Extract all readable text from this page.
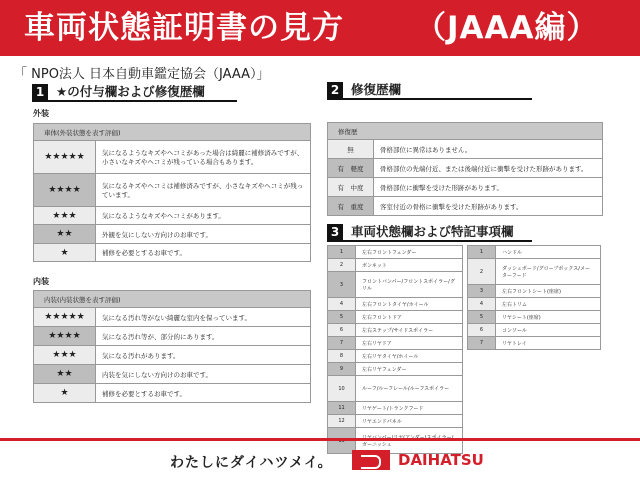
車両状態証明書の見方 （JAAA編）
「 NPO法人 日本自動車鑑定協会（JAAA）」
1 ★の付与欄および修復歴欄
外装
車体(外装状態を表す評価)	
★★★★★	気になるようなキズやヘコミがあった場合は綺麗に補修済みですが、小さいなキズやヘコミが残っている場合もあります。
★★★★	気になるキズやヘコミは補修済みですが、小さなキズやヘコミが残っています。
★★★	気になるようなキズやヘコミがあります。
★★	外観を気にしない方向けのお車です。
★	補修を必要とするお車です。
内装
内装(内装状態を表す評価)	
★★★★★	気になる汚れ等がない綺麗な室内を保っています。
★★★★	気になる汚れ等が、部分的にあります。
★★★	気になる汚れがあります。
★★	内装を気にしない方向けのお車です。
★	補修を必要とするお車です。
2 修復歴欄
修復歴	
無	骨格部位に異常はありません。
有　軽度	骨格部位の先端付近、または後端付近に衝撃を受けた形跡があります。
有　中度	骨格部位に衝撃を受けた形跡があります。
有　重度	客室付近の骨格に衝撃を受けた形跡があります。
3 車両状態欄および特記事項欄
1	左右フロントフェンダー
2	ボンネット
3	フロントバンパー/フロントスポイラー/グリル
4	左右フロントタイヤ/ホイール
5	左右フロントドア
6	左右ステップ/サイドスポイラー
7	左右リヤドア
8	左右リヤタイヤ/ホイール
9	左右リヤフェンダー
10	ルーフ/ルーフレール/ルーフスポイラー
11	リヤゲート/トランクフード
12	リヤエンドパネル
	ガーニッシュ
1	ハンドル
2	ダッシュボード/グローブボックス/メーターフード
3	左右フロントシート(座席)
4	左右トリム
5	リヤシート(座席)
6	コンソール
7	リヤトレイ
わたしにダイハツメイ。	DAIHATSU
